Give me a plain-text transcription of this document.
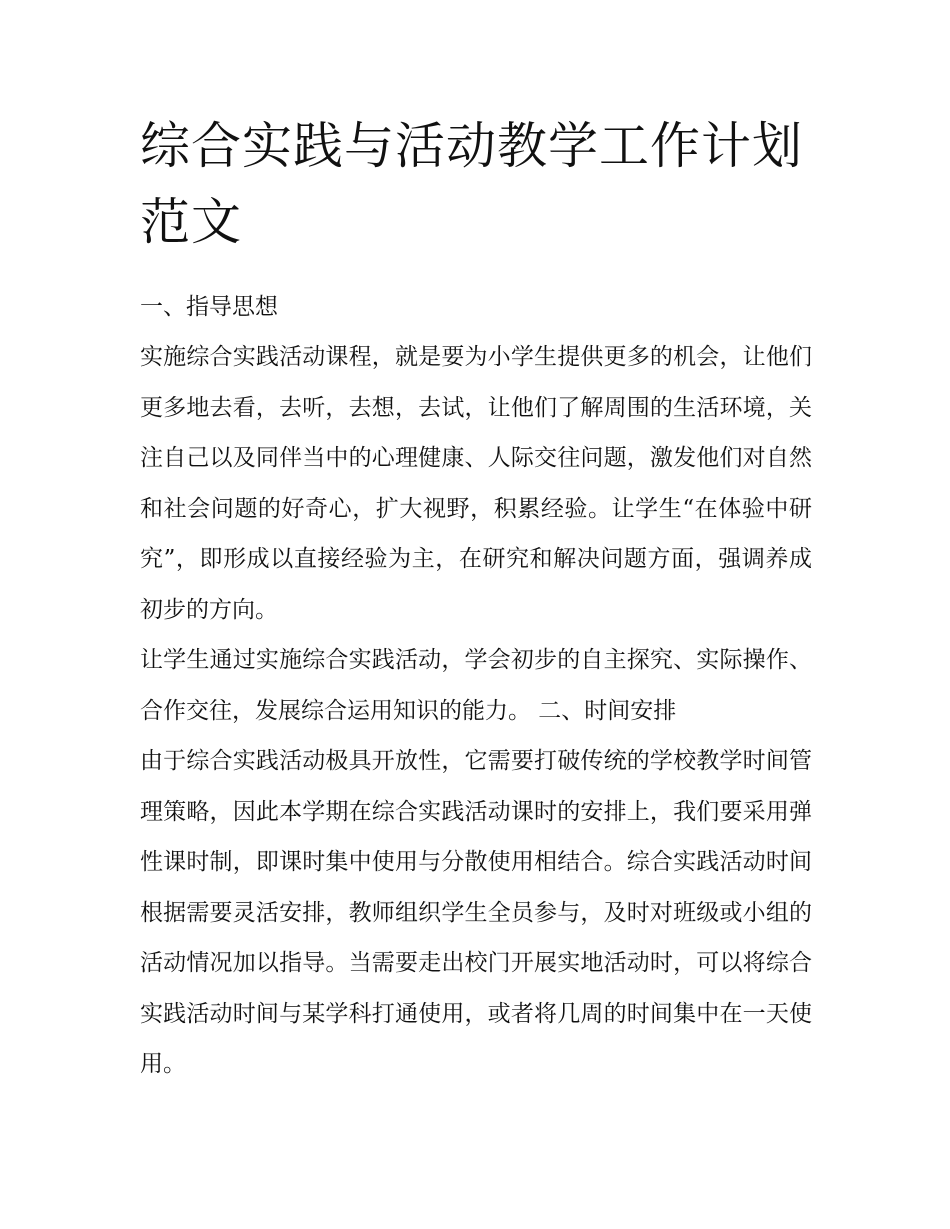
综合实践与活动教学工作计划范文
一、指导思想

实施综合实践活动课程，就是要为小学生提供更多的机会，让他们更多地去看，去听，去想，去试，让他们了解周围的生活环境，关注自己以及同伴当中的心理健康、人际交往问题，激发他们对自然和社会问题的好奇心，扩大视野，积累经验。让学生“在体验中研究”，即形成以直接经验为主，在研究和解决问题方面，强调养成初步的方向。

让学生通过实施综合实践活动，学会初步的自主探究、实际操作、合作交往，发展综合运用知识的能力。 二、时间安排

由于综合实践活动极具开放性，它需要打破传统的学校教学时间管理策略，因此本学期在综合实践活动课时的安排上，我们要采用弹性课时制，即课时集中使用与分散使用相结合。综合实践活动时间根据需要灵活安排，教师组织学生全员参与，及时对班级或小组的活动情况加以指导。当需要走出校门开展实地活动时，可以将综合实践活动时间与某学科打通使用，或者将几周的时间集中在一天使用。
